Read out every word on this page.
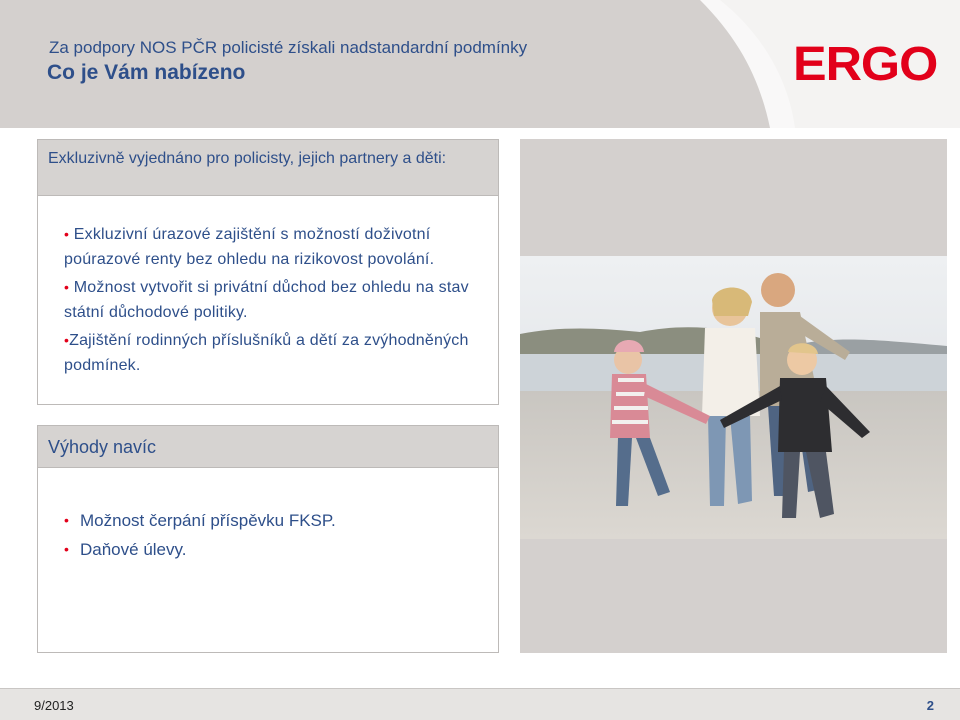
Za podpory NOS PČR policisté získali nadstandardní podmínky
Co je Vám nabízeno	ERGO
Exkluzivně vyjednáno pro policisty, jejich partnery a děti:
• Exkluzivní úrazové zajištění s možností doživotní poúrazové renty bez ohledu na rizikovost povolání.
• Možnost vytvořit si privátní důchod bez ohledu na stav státní důchodové politiky.
•Zajištění rodinných příslušníků a dětí za zvýhodněných podmínek.
Výhody navíc
• Možnost čerpání příspěvku FKSP.
• Daňové úlevy.
9/2013	2
